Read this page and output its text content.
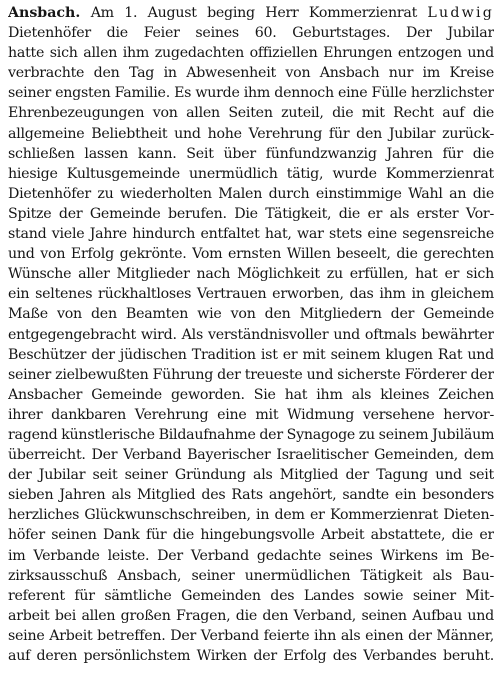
Ansbach. Am 1. August beging Herr Kommerzienrat Ludwig
Dietenhöfer die Feier seines 60. Geburtstages. Der Jubilar
hatte sich allen ihm zugedachten offiziellen Ehrungen entzogen und
verbrachte den Tag in Abwesenheit von Ansbach nur im Kreise
seiner engsten Familie. Es wurde ihm dennoch eine Fülle herzlichster
Ehrenbezeugungen von allen Seiten zuteil, die mit Recht auf die
allgemeine Beliebtheit und hohe Verehrung für den Jubilar zurück-
schließen lassen kann. Seit über fünfundzwanzig Jahren für die
hiesige Kultusgemeinde unermüdlich tätig, wurde Kommerzienrat
Dietenhöfer zu wiederholten Malen durch einstimmige Wahl an die
Spitze der Gemeinde berufen. Die Tätigkeit, die er als erster Vor-
stand viele Jahre hindurch entfaltet hat, war stets eine segensreiche
und von Erfolg gekrönte. Vom ernsten Willen beseelt, die gerechten
Wünsche aller Mitglieder nach Möglichkeit zu erfüllen, hat er sich
ein seltenes rückhaltloses Vertrauen erworben, das ihm in gleichem
Maße von den Beamten wie von den Mitgliedern der Gemeinde
entgegengebracht wird. Als verständnisvoller und oftmals bewährter
Beschützer der jüdischen Tradition ist er mit seinem klugen Rat und
seiner zielbewußten Führung der treueste und sicherste Förderer der
Ansbacher Gemeinde geworden. Sie hat ihm als kleines Zeichen
ihrer dankbaren Verehrung eine mit Widmung versehene hervor-
ragend künstlerische Bildaufnahme der Synagoge zu seinem Jubiläum
überreicht. Der Verband Bayerischer Israelitischer Gemeinden, dem
der Jubilar seit seiner Gründung als Mitglied der Tagung und seit
sieben Jahren als Mitglied des Rats angehört, sandte ein besonders
herzliches Glückwunschschreiben, in dem er Kommerzienrat Dieten-
höfer seinen Dank für die hingebungsvolle Arbeit abstattete, die er
im Verbande leiste. Der Verband gedachte seines Wirkens im Be-
zirksausschuß Ansbach, seiner unermüdlichen Tätigkeit als Bau-
referent für sämtliche Gemeinden des Landes sowie seiner Mit-
arbeit bei allen großen Fragen, die den Verband, seinen Aufbau und
seine Arbeit betreffen. Der Verband feierte ihn als einen der Männer,
auf deren persönlichstem Wirken der Erfolg des Verbandes beruht.
